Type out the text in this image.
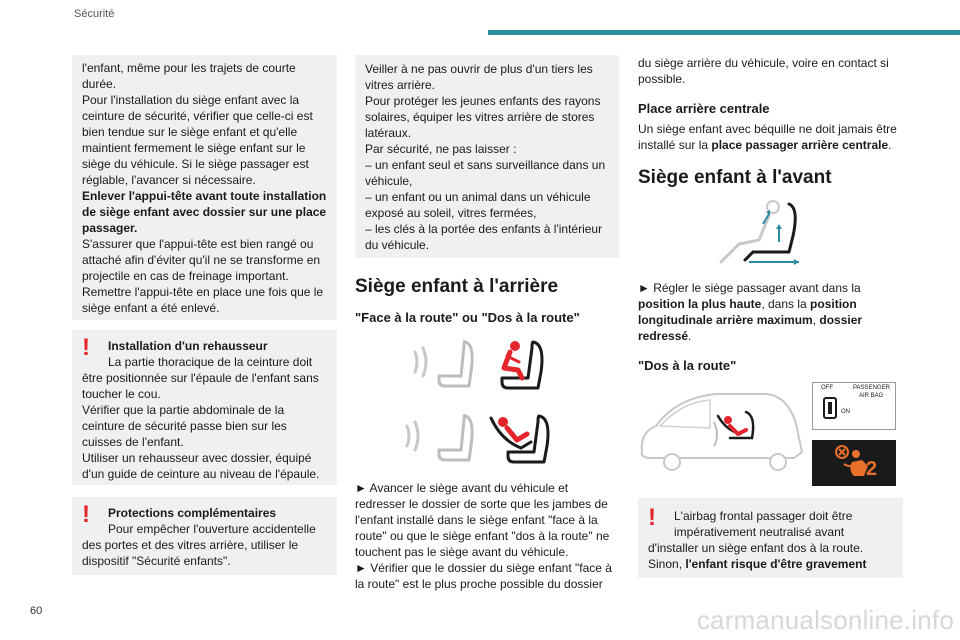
Sécurité

l'enfant, même pour les trajets de courte durée.

Pour l'installation du siège enfant avec la ceinture de sécurité, vérifier que celle-ci est bien tendue sur le siège enfant et qu'elle maintient fermement le siège enfant sur le siège du véhicule. Si le siège passager est réglable, l'avancer si nécessaire.

Enlever l'appui-tête avant toute installation de siège enfant avec dossier sur une place passager.

S'assurer que l'appui-tête est bien rangé ou attaché afin d'éviter qu'il ne se transforme en projectile en cas de freinage important. Remettre l'appui-tête en place une fois que le siège enfant a été enlevé.

!	Installation d'un rehausseur

La partie thoracique de la ceinture doit

être positionnée sur l'épaule de l'enfant sans toucher le cou.

Vérifier que la partie abdominale de la ceinture de sécurité passe bien sur les cuisses de l'enfant.

Utiliser un rehausseur avec dossier, équipé d'un guide de ceinture au niveau de l'épaule.

!	Protections complémentaires

Pour empêcher l'ouverture accidentelle

des portes et des vitres arrière, utiliser le dispositif "Sécurité enfants".

Veiller à ne pas ouvrir de plus d'un tiers les vitres arrière.

Pour protéger les jeunes enfants des rayons solaires, équiper les vitres arrière de stores latéraux.

Par sécurité, ne pas laisser :

– un enfant seul et sans surveillance dans un véhicule,

– un enfant ou un animal dans un véhicule exposé au soleil, vitres fermées,

– les clés à la portée des enfants à l'intérieur du véhicule.

Siège enfant à l'arrière
"Face à la route" ou "Dos à la route"

► Avancer le siège avant du véhicule et redresser le dossier de sorte que les jambes de l'enfant installé dans le siège enfant "face à la route" ou que le siège enfant "dos à la route" ne touchent pas le siège avant du véhicule.

► Vérifier que le dossier du siège enfant "face à la route" est le plus proche possible du dossier

du siège arrière du véhicule, voire en contact si possible.

Place arrière centrale

Un siège enfant avec béquille ne doit jamais être installé sur la place passager arrière centrale.

Siège enfant à l'avant

► Régler le siège passager avant dans la position la plus haute, dans la position longitudinale arrière maximum, dossier redressé.

"Dos à la route"
OFF	PASSENGER
AIR BAG
ON
2
!	L'airbag frontal passager doit être

impérativement neutralisé avant

d'installer un siège enfant dos à la route.

Sinon, l'enfant risque d'être gravement

60	carmanualsonline.info
